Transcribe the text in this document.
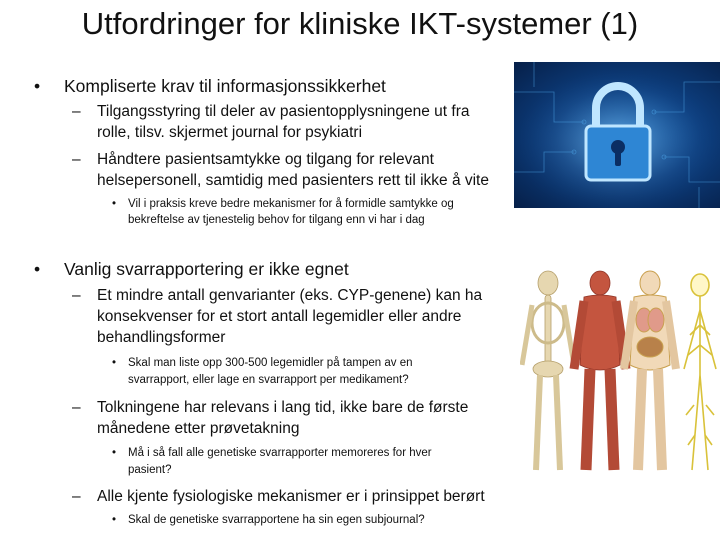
Utfordringer for kliniske IKT-systemer (1)
• Kompliserte krav til informasjonssikkerhet
– Tilgangsstyring til deler av pasientopplysningene ut fra
rolle, tilsv. skjermet journal for psykiatri
– Håndtere pasientsamtykke og tilgang for relevant
helsepersonell, samtidig med pasienters rett til ikke å vite
• Vil i praksis kreve bedre mekanismer for å formidle samtykke og
bekreftelse av tjenestelig behov for tilgang enn vi har i dag
• Vanlig svarrapportering er ikke egnet
– Et mindre antall genvarianter (eks. CYP-genene) kan ha
konsekvenser for et stort antall legemidler eller andre
behandlingsformer
• Skal man liste opp 300-500 legemidler på tampen av en
svarrapport, eller lage en svarrapport per medikament?
– Tolkningene har relevans i lang tid, ikke bare de første
månedene etter prøvetakning
• Må i så fall alle genetiske svarrapporter memoreres for hver
pasient?
– Alle kjente fysiologiske mekanismer er i prinsippet berørt
• Skal de genetiske svarrapportene ha sin egen subjournal?
